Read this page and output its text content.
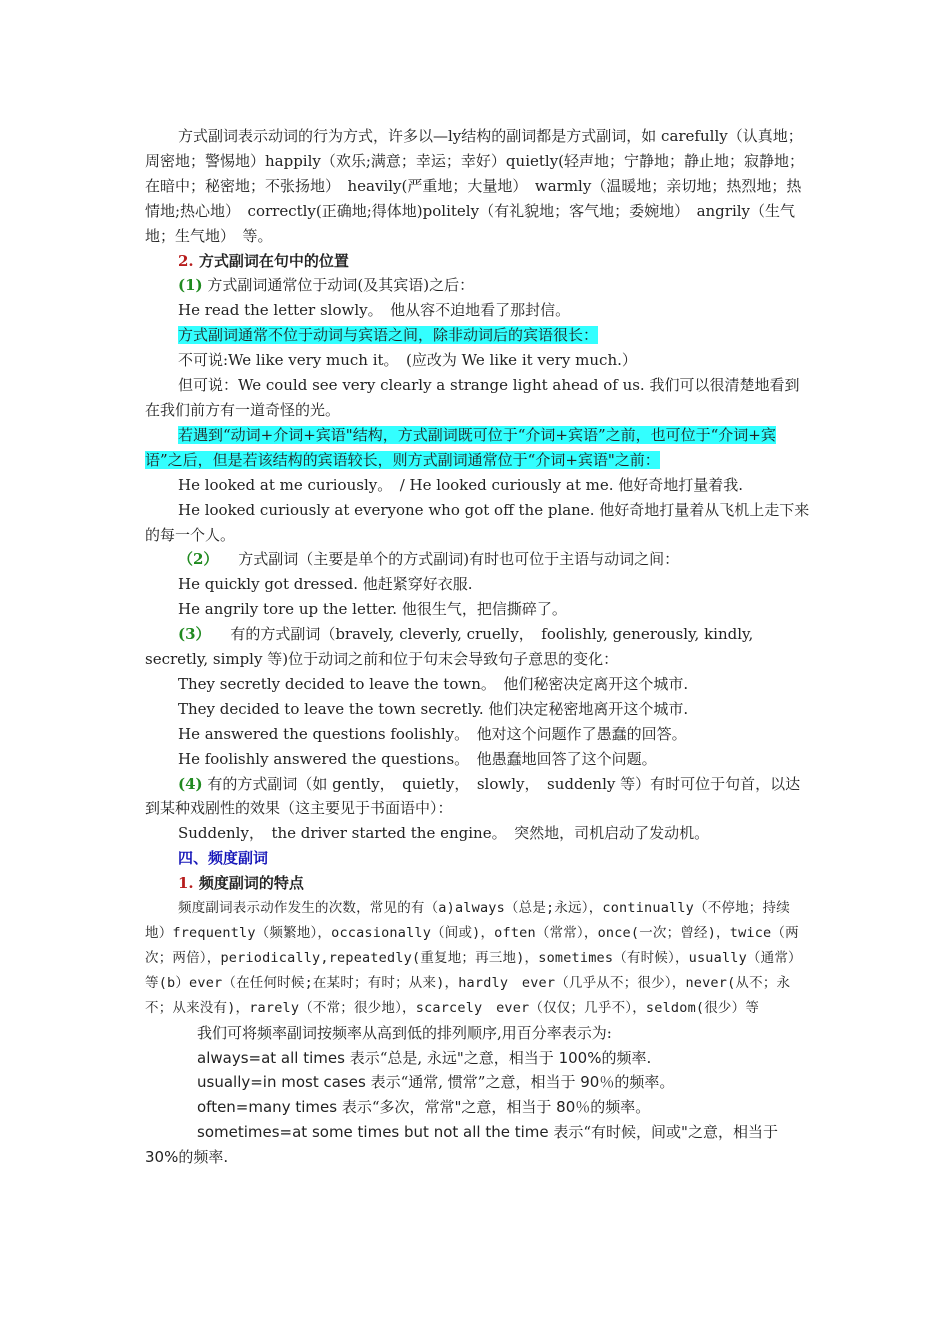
方式副词表示动词的行为方式，许多以—ly结构的副词都是方式副词，如 carefully（认真地；周密地；警惕地）happily（欢乐;满意；幸运；幸好）quietly(轻声地；宁静地；静止地；寂静地；在暗中；秘密地；不张扬地）　heavily(严重地；大量地）　warmly（温暖地；亲切地；热烈地；热情地;热心地）　correctly(正确地;得体地)politely（有礼貌地；客气地；委婉地）　angrily（生气地；生气地）　等。

2. 方式副词在句中的位置

(1) 方式副词通常位于动词(及其宾语)之后：

He read the letter slowly。　他从容不迫地看了那封信。

方式副词通常不位于动词与宾语之间，除非动词后的宾语很长：

不可说:We like very much it。　(应改为 We like it very much.）

但可说：We could see very clearly a strange light ahead of us. 我们可以很清楚地看到在我们前方有一道奇怪的光。

若遇到“动词+介词+宾语"结构，方式副词既可位于“介词+宾语”之前，也可位于“介词+宾语”之后，但是若该结构的宾语较长，则方式副词通常位于“介词+宾语"之前：

He looked at me curiously。　/ He looked curiously at me. 他好奇地打量着我.

He looked curiously at everyone who got off the plane. 他好奇地打量着从飞机上走下来的每一个人。

（2） 　方式副词（主要是单个的方式副词)有时也可位于主语与动词之间：

He quickly got dressed. 他赶紧穿好衣服.

He angrily tore up the letter. 他很生气，把信撕碎了。

(3） 　有的方式副词（bravely, cleverly, cruelly，　foolishly, generously, kindly, secretly, simply 等)位于动词之前和位于句末会导致句子意思的变化：

They secretly decided to leave the town。　他们秘密决定离开这个城市.

They decided to leave the town secretly. 他们决定秘密地离开这个城市.

He answered the questions foolishly。　他对这个问题作了愚蠢的回答。

He foolishly answered the questions。　他愚蠢地回答了这个问题。

(4) 有的方式副词（如 gently，　quietly，　slowly，　suddenly 等）有时可位于句首，以达到某种戏剧性的效果（这主要见于书面语中）：

Suddenly，　the driver started the engine。　突然地，司机启动了发动机。

四、频度副词

1. 频度副词的特点

频度副词表示动作发生的次数，常见的有（a)always（总是;永远），continually（不停地；持续地）frequently（频繁地），occasionally（间或)，often（常常），once(一次；曾经)，twice（两次；两倍），periodically,repeatedly(重复地；再三地)，sometimes（有时候），usually（通常）等(b）ever（在任何时候;在某时；有时；从来)，hardly　ever（几乎从不；很少），never(从不；永不；从来没有)，rarely（不常；很少地），scarcely　ever（仅仅；几乎不），seldom(很少）等

我们可将频率副词按频率从高到低的排列顺序,用百分率表示为:

always=at all times 表示“总是, 永远"之意，相当于 100%的频率.

usually=in most cases 表示“通常, 惯常”之意，相当于 90％的频率。

often=many times 表示“多次，常常"之意，相当于 80％的频率。

sometimes=at some times but not all the time 表示“有时候，间或"之意，相当于 30%的频率.
